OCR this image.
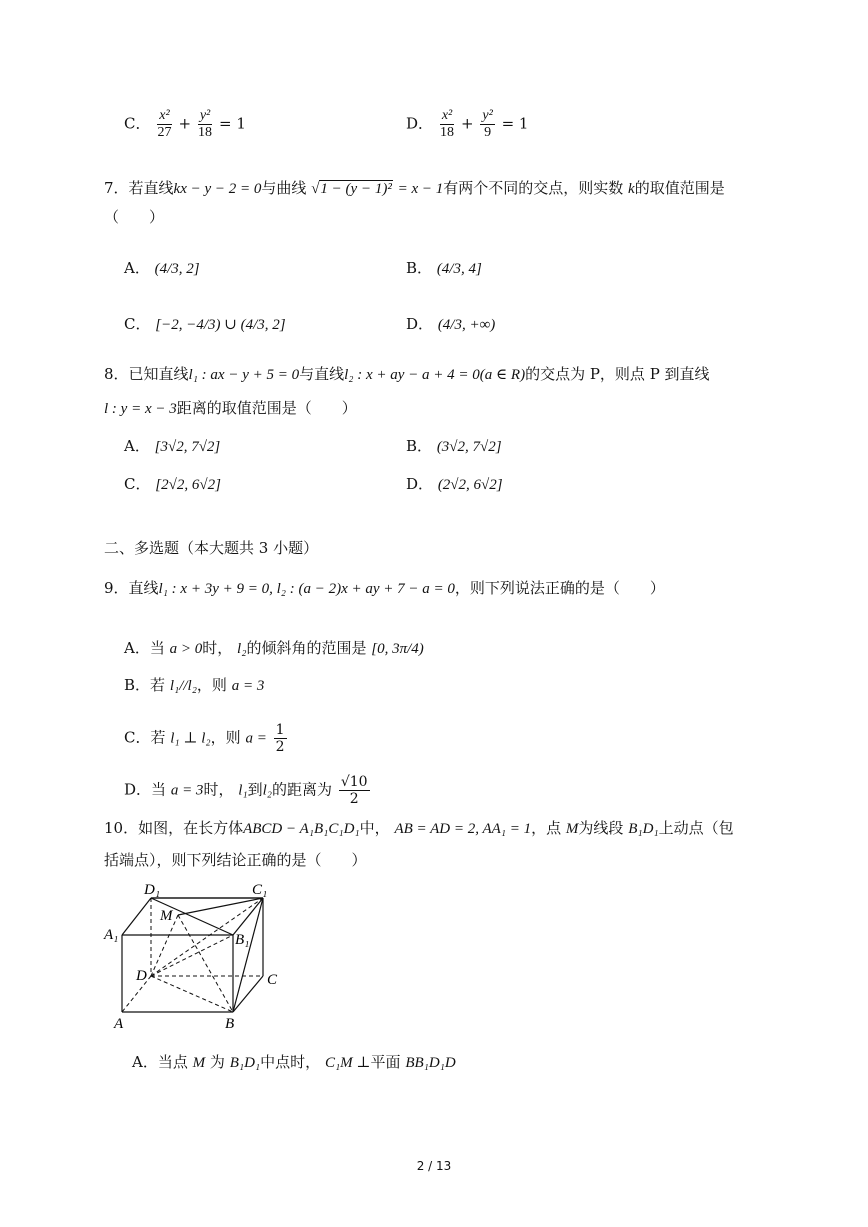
C． $\frac{\text{x²}}{27} + \frac{\text{y²}}{18} = 1$	D． $\frac{\text{x²}}{18} + \frac{\text{y²}}{9} = 1$
7．若直线kx − y − 2 = 0与曲线 √1 − (y − 1)² = x − 1有两个不同的交点，则实数 k的取值范围是
（　　）
A． (4/3, 2]	B． (4/3, 4]
C． [−2, −4/3) ∪ (4/3, 2]	D． (4/3, +∞)
8．已知直线l₁ : ax − y + 5 = 0与直线l₂ : x + ay − a + 4 = 0(a ∈ R)的交点为 P，则点 P 到直线
l : y = x − 3距离的取值范围是（　　）
A． [3√2, 7√2]	B． (3√2, 7√2]
C． [2√2, 6√2]	D． (2√2, 6√2]
二、多选题（本大题共 3 小题）
9．直线l₁ : x + 3y + 9 = 0, l₂ : (a − 2)x + ay + 7 − a = 0，则下列说法正确的是（　　）
A．当 a > 0时， l₂的倾斜角的范围是 [0, 3π/4)
B．若 l₁//l₂，则 a = 3
C．若 l₁ ⊥ l₂，则 $a = \frac{1}{2}$
D．当 a = 3时， l₁到l₂的距离为 $\frac{√10}{2}$
10．如图，在长方体ABCD − A₁B₁C₁D₁中， AB = AD = 2, AA₁ = 1，点 M为线段 B₁D₁上动点（包
括端点），则下列结论正确的是（　　）
D₁	C₁
M
A₁	B₁
D	C
A	B
A．当点 M 为 B₁D₁中点时， C₁M ⊥平面 BB₁D₁D
2 / 13
